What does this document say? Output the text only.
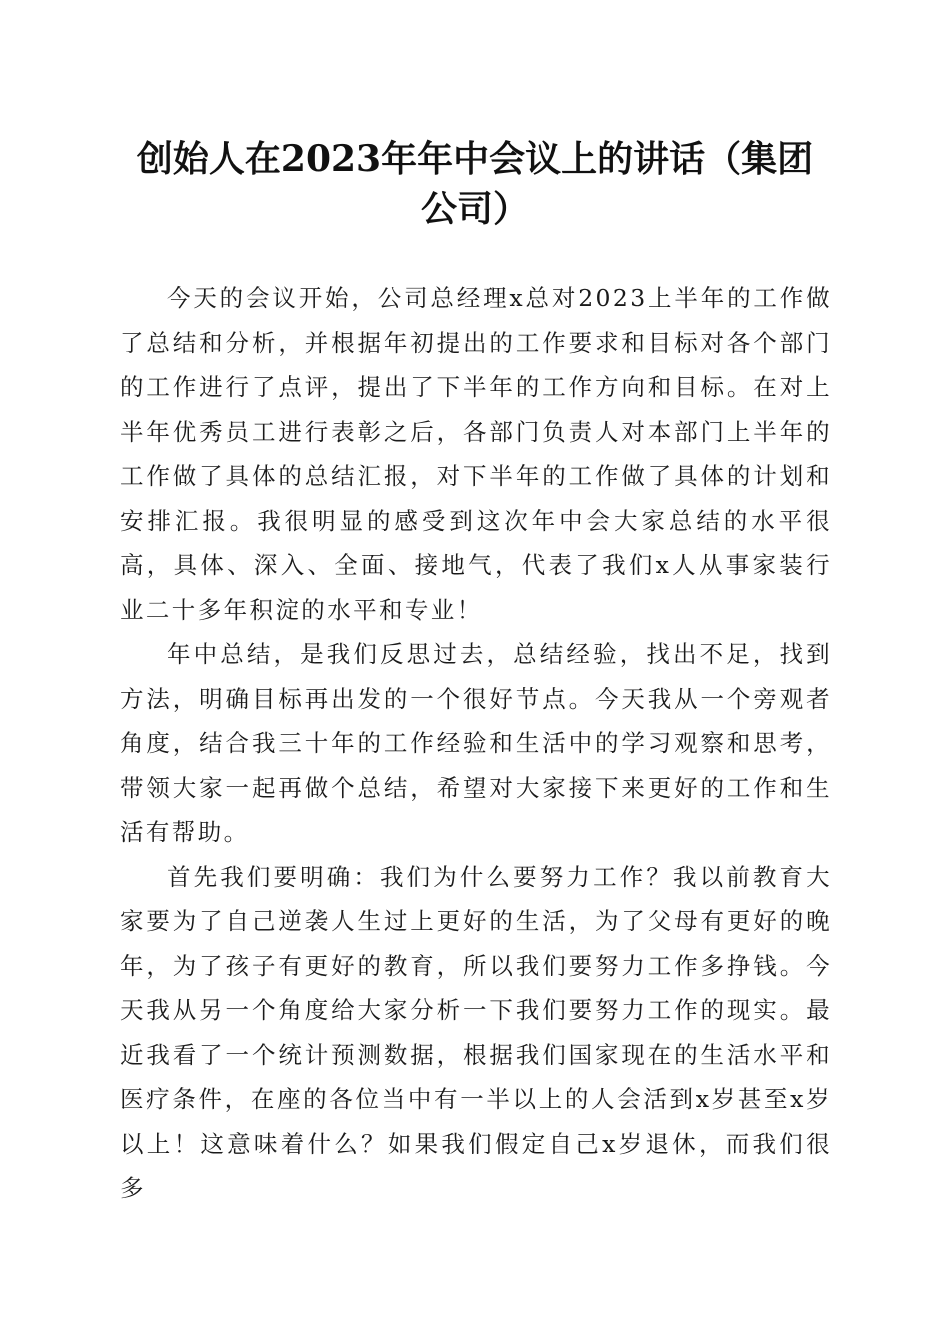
创始人在2023年年中会议上的讲话（集团公司）

今天的会议开始，公司总经理x总对2023上半年的工作做了总结和分析，并根据年初提出的工作要求和目标对各个部门的工作进行了点评，提出了下半年的工作方向和目标。在对上半年优秀员工进行表彰之后，各部门负责人对本部门上半年的工作做了具体的总结汇报，对下半年的工作做了具体的计划和安排汇报。我很明显的感受到这次年中会大家总结的水平很高，具体、深入、全面、接地气，代表了我们x人从事家装行业二十多年积淀的水平和专业！

年中总结，是我们反思过去，总结经验，找出不足，找到方法，明确目标再出发的一个很好节点。今天我从一个旁观者角度，结合我三十年的工作经验和生活中的学习观察和思考，带领大家一起再做个总结，希望对大家接下来更好的工作和生活有帮助。

首先我们要明确：我们为什么要努力工作？我以前教育大家要为了自己逆袭人生过上更好的生活，为了父母有更好的晚年，为了孩子有更好的教育，所以我们要努力工作多挣钱。今天我从另一个角度给大家分析一下我们要努力工作的现实。最近我看了一个统计预测数据，根据我们国家现在的生活水平和医疗条件，在座的各位当中有一半以上的人会活到x岁甚至x岁以上！这意味着什么？如果我们假定自己x岁退休，而我们很多
